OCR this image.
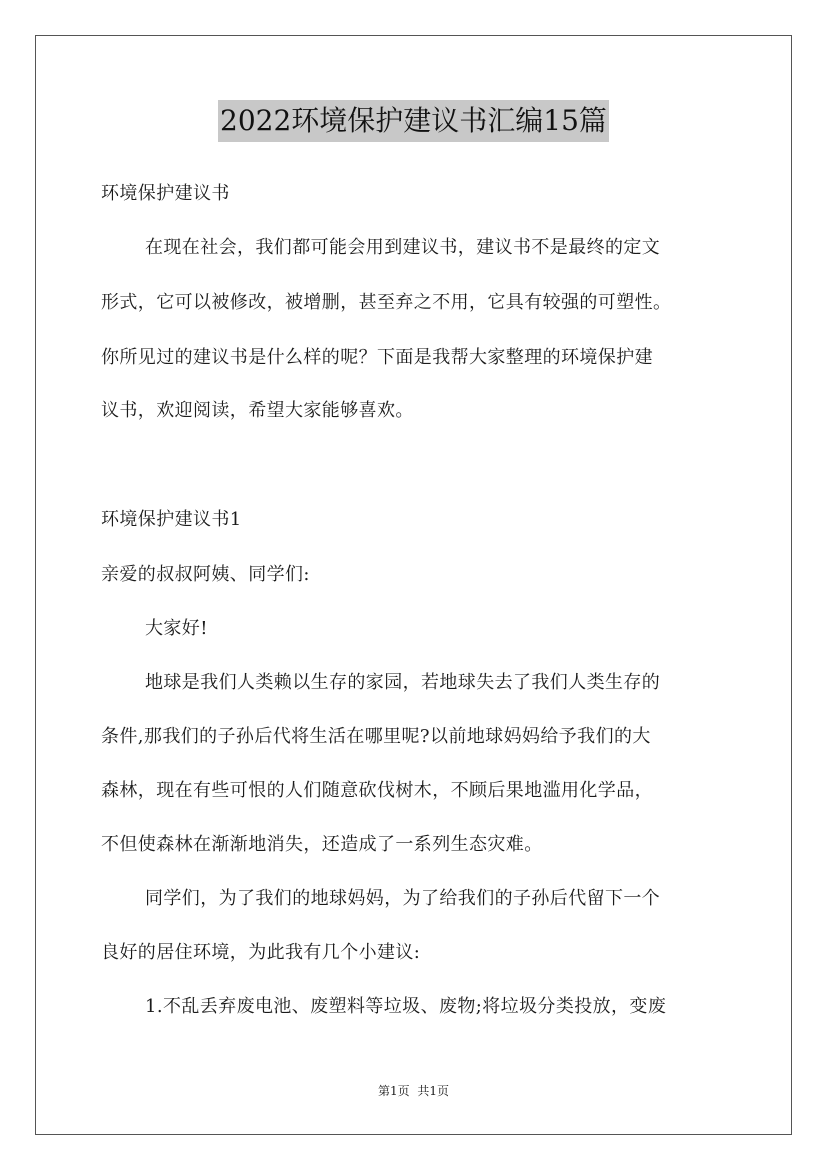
2022环境保护建议书汇编15篇
环境保护建议书
在现在社会，我们都可能会用到建议书，建议书不是最终的定文
形式，它可以被修改，被增删，甚至弃之不用，它具有较强的可塑性。
你所见过的建议书是什么样的呢？下面是我帮大家整理的环境保护建
议书，欢迎阅读，希望大家能够喜欢。
环境保护建议书1
亲爱的叔叔阿姨、同学们:
大家好!
地球是我们人类赖以生存的家园，若地球失去了我们人类生存的
条件,那我们的子孙后代将生活在哪里呢?以前地球妈妈给予我们的大
森林，现在有些可恨的人们随意砍伐树木，不顾后果地滥用化学品，
不但使森林在渐渐地消失，还造成了一系列生态灾难。
同学们，为了我们的地球妈妈，为了给我们的子孙后代留下一个
良好的居住环境，为此我有几个小建议:
1.不乱丢弃废电池、废塑料等垃圾、废物;将垃圾分类投放，变废
第1页 共1页
